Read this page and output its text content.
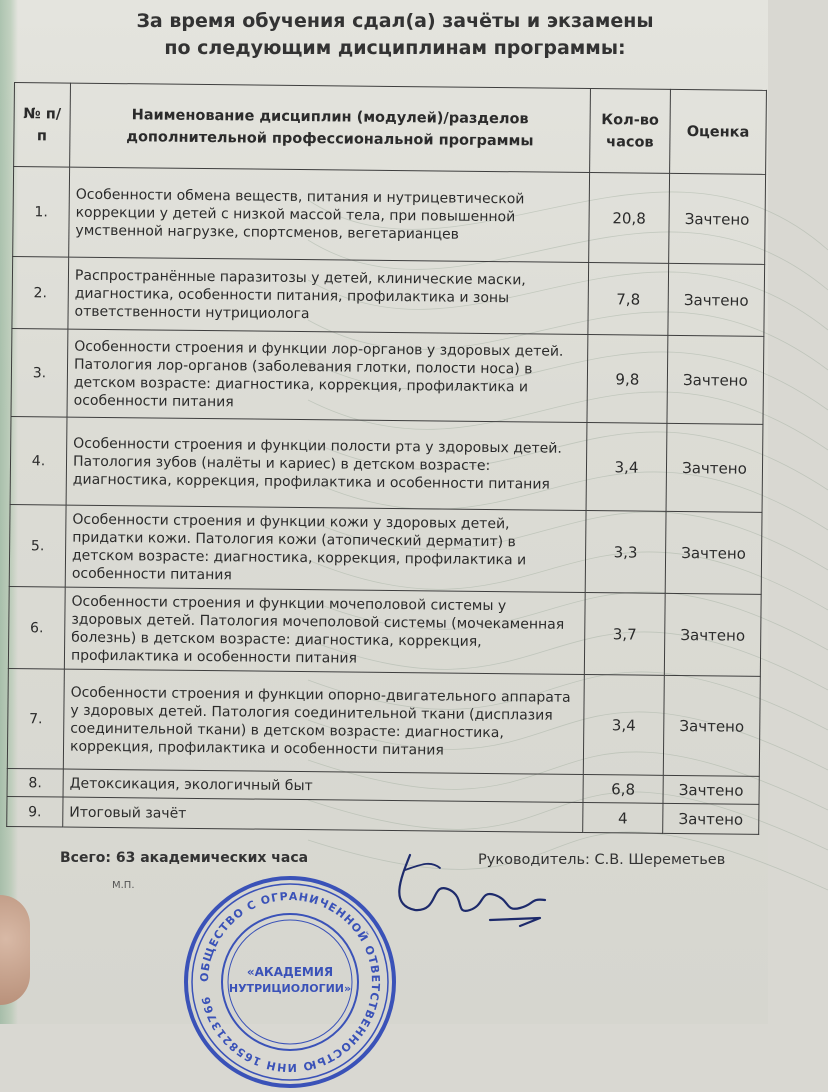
За время обучения сдал(а) зачёты и экзамены
по следующим дисциплинам программы:
№ п/п	Наименование дисциплин (модулей)/разделов дополнительной профессиональной программы	Кол-во часов	Оценка
1.	Особенности обмена веществ, питания и нутрицевтической коррекции у детей с низкой массой тела, при повышенной умственной нагрузке, спортсменов, вегетарианцев	20,8	Зачтено
2.	Распространённые паразитозы у детей, клинические маски, диагностика, особенности питания, профилактика и зоны ответственности нутрициолога	7,8	Зачтено
3.	Особенности строения и функции лор-органов у здоровых детей. Патология лор-органов (заболевания глотки, полости носа) в детском возрасте: диагностика, коррекция, профилактика и особенности питания	9,8	Зачтено
4.	Особенности строения и функции полости рта у здоровых детей. Патология зубов (налёты и кариес) в детском возрасте: диагностика, коррекция, профилактика и особенности питания	3,4	Зачтено
5.	Особенности строения и функции кожи у здоровых детей, придатки кожи. Патология кожи (атопический дерматит) в детском возрасте: диагностика, коррекция, профилактика и особенности питания	3,3	Зачтено
6.	Особенности строения и функции мочеполовой системы у здоровых детей. Патология мочеполовой системы (мочекаменная болезнь) в детском возрасте: диагностика, коррекция, профилактика и особенности питания	3,7	Зачтено
7.	Особенности строения и функции опорно-двигательного аппарата у здоровых детей. Патология соединительной ткани (дисплазия соединительной ткани) в детском возрасте: диагностика, коррекция, профилактика и особенности питания	3,4	Зачтено
8.	Детоксикация, экологичный быт	6,8	Зачтено
9.	Итоговый зачёт	4	Зачтено
Всего: 63 академических часа	Руководитель: С.В. Шереметьев
М.П.
ОБЩЕСТВО С ОГРАНИЧЕННОЙ ОТВЕТСТВЕННОСТЬЮ ИНН 1658213766
«АКАДЕМИЯ
НУТРИЦИОЛОГИИ»
